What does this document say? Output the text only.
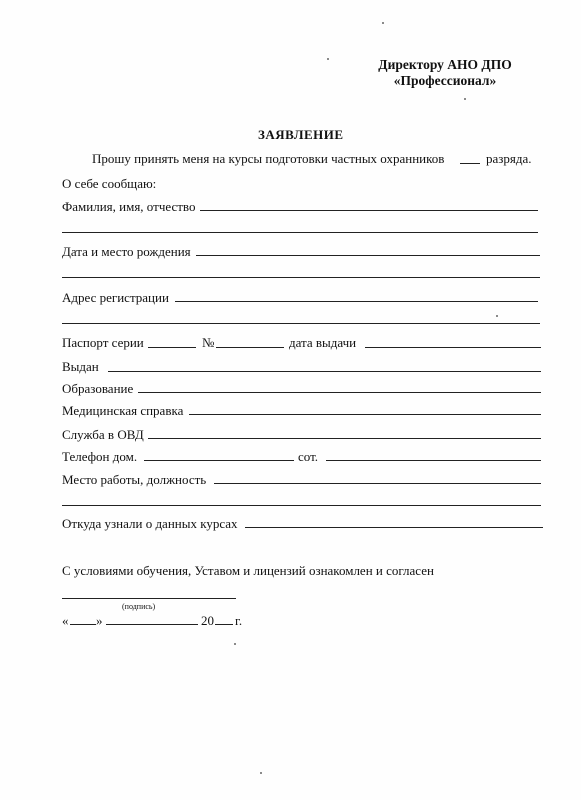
Директору АНО ДПО
«Профессионал»
ЗАЯВЛЕНИЕ
Прошу принять меня на курсы подготовки частных охранников	разряда.
О себе сообщаю:
Фамилия, имя, отчество
Дата и место рождения
Адрес регистрации
Паспорт серии	№	дата выдачи
Выдан
Образование
Медицинская справка
Служба в ОВД
Телефон дом.	сот.
Место работы, должность
Откуда узнали о данных курсах
С условиями обучения, Уставом и лицензий ознакомлен и согласен
(подпись)
« »	20 г.
